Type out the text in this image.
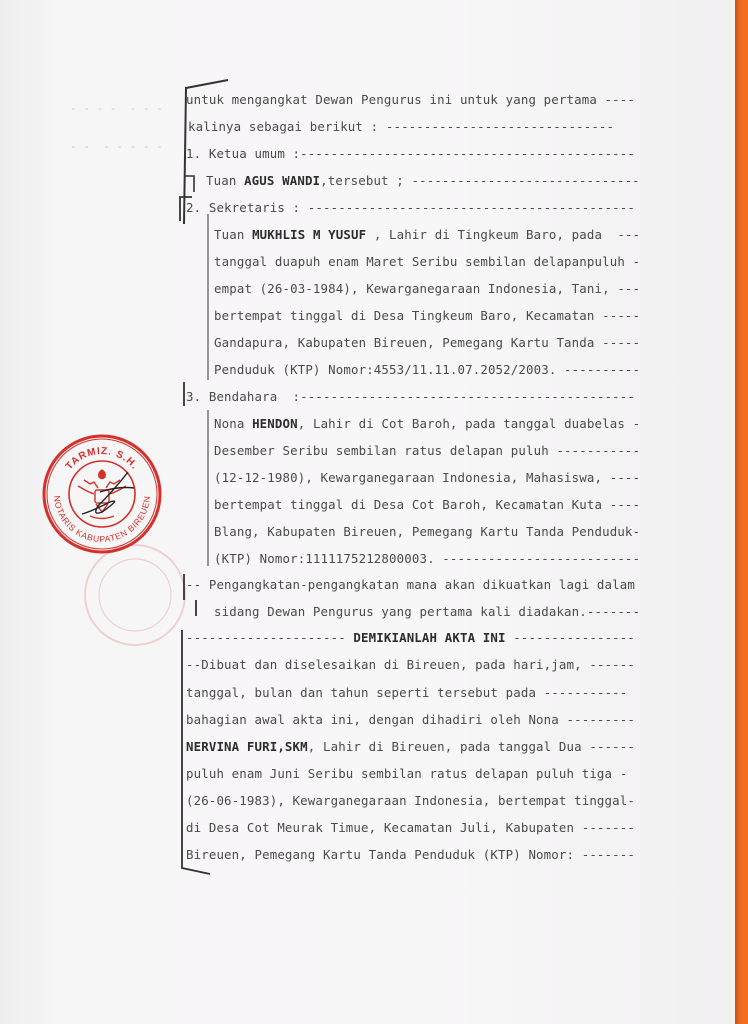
- - - -  - - -
- -  - - - - -
untuk mengangkat Dewan Pengurus ini untuk yang pertama ----
kalinya sebagai berikut : ------------------------------
1. Ketua umum :--------------------------------------------
Tuan AGUS WANDI,tersebut ; ------------------------------
2. Sekretaris : -------------------------------------------
Tuan MUKHLIS M YUSUF , Lahir di Tingkeum Baro, pada  ---
tanggal duapuh enam Maret Seribu sembilan delapanpuluh -
empat (26-03-1984), Kewarganegaraan Indonesia, Tani, ---
bertempat tinggal di Desa Tingkeum Baro, Kecamatan -----
Gandapura, Kabupaten Bireuen, Pemegang Kartu Tanda -----
Penduduk (KTP) Nomor:4553/11.11.07.2052/2003. ----------
3. Bendahara  :--------------------------------------------
Nona HENDON, Lahir di Cot Baroh, pada tanggal duabelas -
Desember Seribu sembilan ratus delapan puluh -----------
(12-12-1980), Kewarganegaraan Indonesia, Mahasiswa, ----
bertempat tinggal di Desa Cot Baroh, Kecamatan Kuta ----
Blang, Kabupaten Bireuen, Pemegang Kartu Tanda Penduduk-
(KTP) Nomor:1111175212800003. --------------------------
-- Pengangkatan-pengangkatan mana akan dikuatkan lagi dalam
sidang Dewan Pengurus yang pertama kali diadakan.-------
--------------------- DEMIKIANLAH AKTA INI ----------------
--Dibuat dan diselesaikan di Bireuen, pada hari,jam, ------
tanggal, bulan dan tahun seperti tersebut pada -----------
bahagian awal akta ini, dengan dihadiri oleh Nona ---------
NERVINA FURI,SKM, Lahir di Bireuen, pada tanggal Dua ------
puluh enam Juni Seribu sembilan ratus delapan puluh tiga -
(26-06-1983), Kewarganegaraan Indonesia, bertempat tinggal-
di Desa Cot Meurak Timue, Kecamatan Juli, Kabupaten -------
Bireuen, Pemegang Kartu Tanda Penduduk (KTP) Nomor: -------
TARMIZ. S.H.
NOTARIS KABUPATEN BIREUEN
